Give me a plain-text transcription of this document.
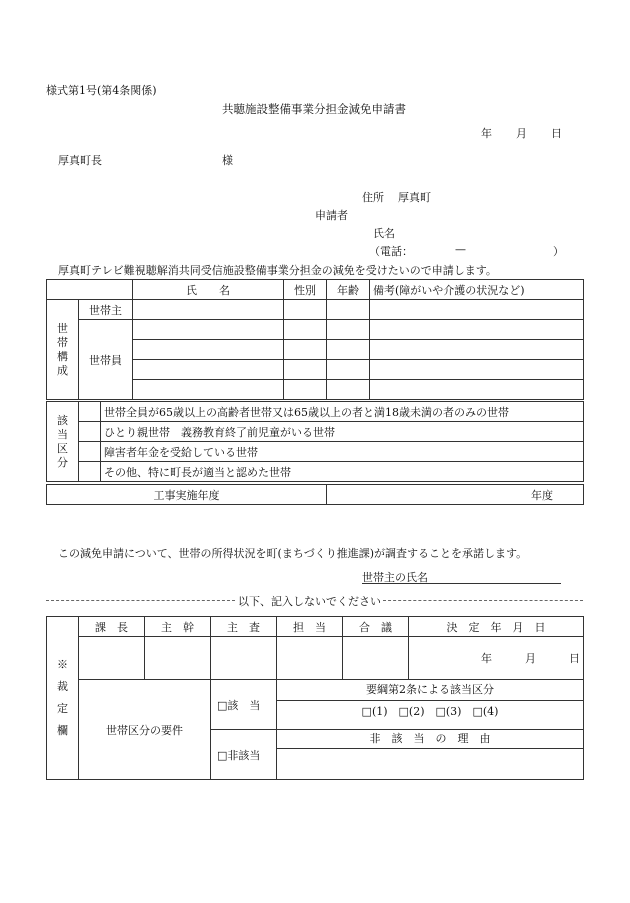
様式第1号(第4条関係)
共聴施設整備事業分担金減免申請書
年 月 日
厚真町長	様
住所 厚真町
申請者
氏名
（電話：	—	）
厚真町テレビ難視聴解消共同受信施設整備事業分担金の減免を受けたいので申請します。
		氏　　名	性別	年齢	備考(障がいや介護の状況など)

世帯構成	世帯主				
	世帯員				

該当区分		世帯全員が65歳以上の高齢者世帯又は65歳以上の者と満18歳未満の者のみの世帯
		ひとり親世帯　義務教育終了前児童がいる世帯
		障害者年金を受給している世帯
		その他、特に町長が適当と認めた世帯
工事実施年度	年度
この減免申請について、世帯の所得状況を町(まちづくり推進課)が調査することを承諾します。
世帯主の氏名
以下、記入しないでください
※裁定欄	課　長	主　幹	主　査	担　当	合　議	決　定　年　月　日
						年 月 日
	世帯区分の要件		□該　当	要綱第2条による該当区分
□(1)　□(2)　□(3)　□(4)		

			□非該当	非　該　当　の　理　由		
